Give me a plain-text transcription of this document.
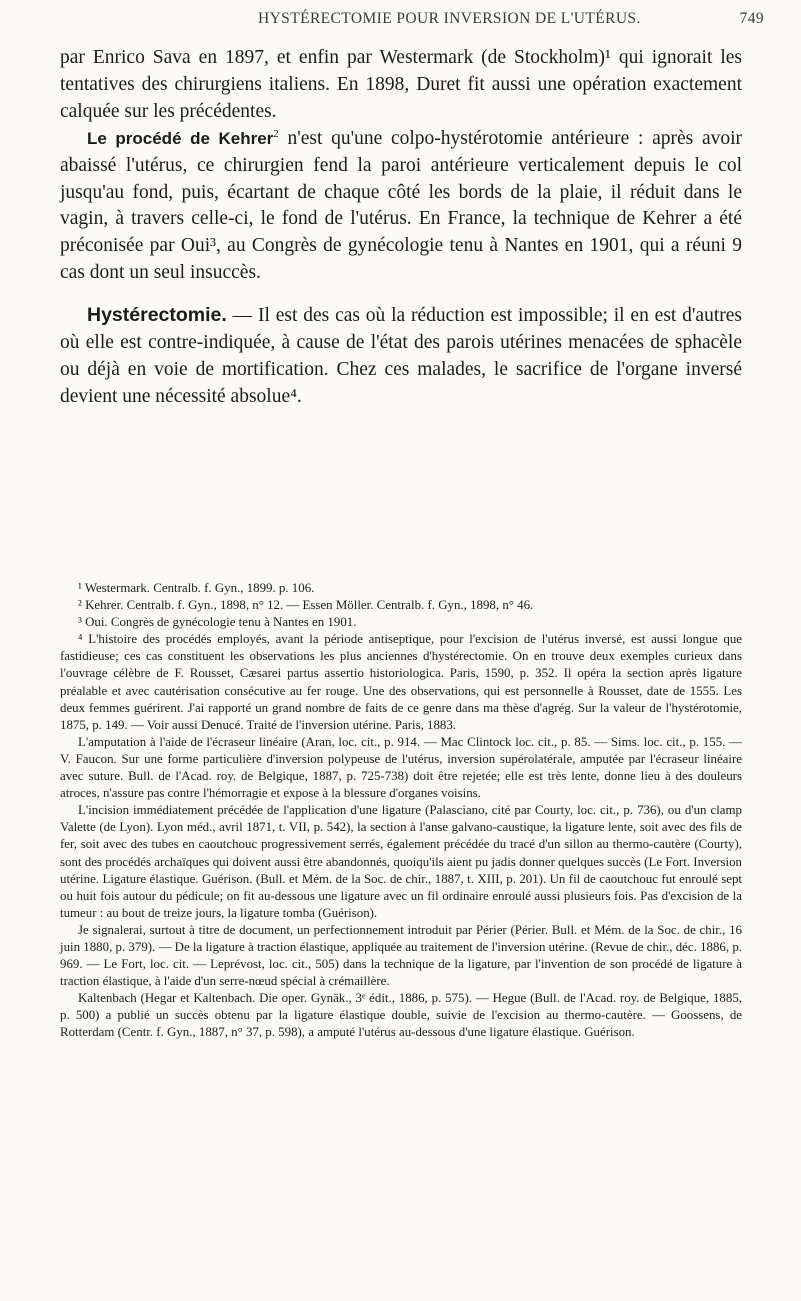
HYSTÉRECTOMIE POUR INVERSION DE L'UTÉRUS.	749

par Enrico Sava en 1897, et enfin par Westermark (de Stockholm)¹ qui ignorait les tentatives des chirurgiens italiens. En 1898, Duret fit aussi une opération exactement calquée sur les précédentes.

Le procédé de Kehrer$^2$ n'est qu'une colpo-hystérotomie antérieure : après avoir abaissé l'utérus, ce chirurgien fend la paroi antérieure verticalement depuis le col jusqu'au fond, puis, écartant de chaque côté les bords de la plaie, il réduit dans le vagin, à travers celle-ci, le fond de l'utérus. En France, la technique de Kehrer a été préconisée par Oui³, au Congrès de gynécologie tenu à Nantes en 1901, qui a réuni 9 cas dont un seul insuccès.

Hystérectomie. — Il est des cas où la réduction est impossible; il en est d'autres où elle est contre-indiquée, à cause de l'état des parois utérines menacées de sphacèle ou déjà en voie de mortification. Chez ces malades, le sacrifice de l'organe inversé devient une nécessité absolue⁴.

¹ Westermark. Centralb. f. Gyn., 1899. p. 106.

² Kehrer. Centralb. f. Gyn., 1898, n° 12. — Essen Möller. Centralb. f. Gyn., 1898, n° 46.

³ Oui. Congrès de gynécologie tenu à Nantes en 1901.

⁴ L'histoire des procédés employés, avant la période antiseptique, pour l'excision de l'utérus inversé, est aussi longue que fastidieuse; ces cas constituent les observations les plus anciennes d'hystérectomie. On en trouve deux exemples curieux dans l'ouvrage célèbre de F. Rousset, Cæsarei partus assertio historiologica. Paris, 1590, p. 352. Il opéra la section après ligature préalable et avec cautérisation consécutive au fer rouge. Une des observations, qui est personnelle à Rousset, date de 1555. Les deux femmes guérirent. J'ai rapporté un grand nombre de faits de ce genre dans ma thèse d'agrég. Sur la valeur de l'hystérotomie, 1875, p. 149. — Voir aussi Denucé. Traité de l'inversion utérine. Paris, 1883.

L'amputation à l'aide de l'écraseur linéaire (Aran, loc. cit., p. 914. — Mac Clintock loc. cit., p. 85. — Sims. loc. cit., p. 155. — V. Faucon. Sur une forme particulière d'inversion polypeuse de l'utérus, inversion supérolatérale, amputée par l'écraseur linéaire avec suture. Bull. de l'Acad. roy. de Belgique, 1887, p. 725-738) doit être rejetée; elle est très lente, donne lieu à des douleurs atroces, n'assure pas contre l'hémorragie et expose à la blessure d'organes voisins.

L'incision immédiatement précédée de l'application d'une ligature (Palasciano, cité par Courty, loc. cit., p. 736), ou d'un clamp Valette (de Lyon). Lyon méd., avril 1871, t. VII, p. 542), la section à l'anse galvano-caustique, la ligature lente, soit avec des fils de fer, soit avec des tubes en caoutchouc progressivement serrés, également précédée du tracé d'un sillon au thermo-cautère (Courty), sont des procédés archaïques qui doivent aussi être abandonnés, quoiqu'ils aient pu jadis donner quelques succès (Le Fort. Inversion utérine. Ligature élastique. Guérison. (Bull. et Mém. de la Soc. de chir., 1887, t. XIII, p. 201). Un fil de caoutchouc fut enroulé sept ou huit fois autour du pédicule; on fit au-dessous une ligature avec un fil ordinaire enroulé aussi plusieurs fois. Pas d'excision de la tumeur : au bout de treize jours, la ligature tomba (Guérison).

Je signalerai, surtout à titre de document, un perfectionnement introduit par Périer (Périer. Bull. et Mém. de la Soc. de chir., 16 juin 1880, p. 379). — De la ligature à traction élastique, appliquée au traitement de l'inversion utérine. (Revue de chir., déc. 1886, p. 969. — Le Fort, loc. cit. — Leprévost, loc. cit., 505) dans la technique de la ligature, par l'invention de son procédé de ligature à traction élastique, à l'aide d'un serre-nœud spécial à crémaillère.

Kaltenbach (Hegar et Kaltenbach. Die oper. Gynäk., 3ᵉ édit., 1886, p. 575). — Hegue (Bull. de l'Acad. roy. de Belgique, 1885, p. 500) a publié un succès obtenu par la ligature élastique double, suivie de l'excision au thermo-cautère. — Goossens, de Rotterdam (Centr. f. Gyn., 1887, n° 37, p. 598), a amputé l'utérus au-dessous d'une ligature élastique. Guérison.
